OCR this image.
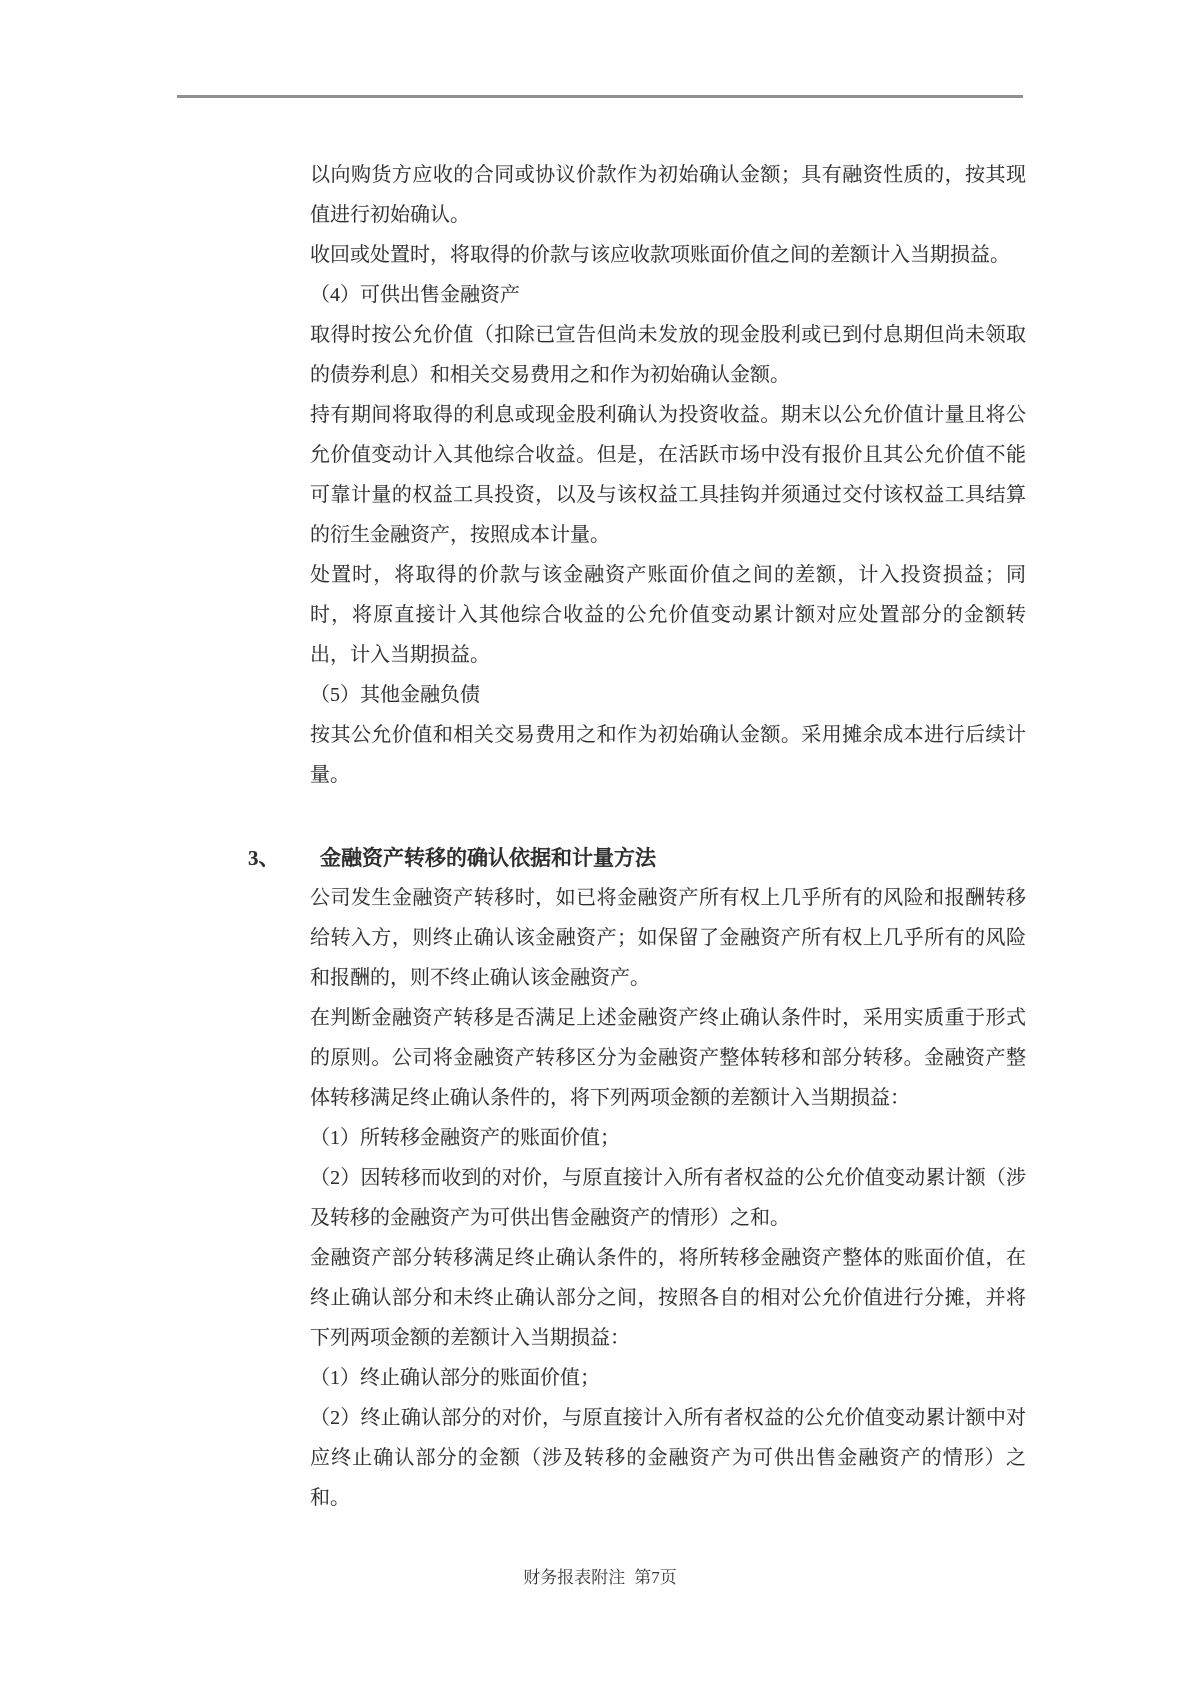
以向购货方应收的合同或协议价款作为初始确认金额；具有融资性质的，按其现值进行初始确认。

收回或处置时，将取得的价款与该应收款项账面价值之间的差额计入当期损益。

（4）可供出售金融资产

取得时按公允价值（扣除已宣告但尚未发放的现金股利或已到付息期但尚未领取的债券利息）和相关交易费用之和作为初始确认金额。

持有期间将取得的利息或现金股利确认为投资收益。期末以公允价值计量且将公允价值变动计入其他综合收益。但是，在活跃市场中没有报价且其公允价值不能可靠计量的权益工具投资，以及与该权益工具挂钩并须通过交付该权益工具结算的衍生金融资产，按照成本计量。

处置时，将取得的价款与该金融资产账面价值之间的差额，计入投资损益；同时，将原直接计入其他综合收益的公允价值变动累计额对应处置部分的金额转出，计入当期损益。

（5）其他金融负债

按其公允价值和相关交易费用之和作为初始确认金额。采用摊余成本进行后续计量。

3、 金融资产转移的确认依据和计量方法

公司发生金融资产转移时，如已将金融资产所有权上几乎所有的风险和报酬转移给转入方，则终止确认该金融资产；如保留了金融资产所有权上几乎所有的风险和报酬的，则不终止确认该金融资产。

在判断金融资产转移是否满足上述金融资产终止确认条件时，采用实质重于形式的原则。公司将金融资产转移区分为金融资产整体转移和部分转移。金融资产整体转移满足终止确认条件的，将下列两项金额的差额计入当期损益：

（1）所转移金融资产的账面价值；

（2）因转移而收到的对价，与原直接计入所有者权益的公允价值变动累计额（涉及转移的金融资产为可供出售金融资产的情形）之和。

金融资产部分转移满足终止确认条件的，将所转移金融资产整体的账面价值，在终止确认部分和未终止确认部分之间，按照各自的相对公允价值进行分摊，并将下列两项金额的差额计入当期损益：

（1）终止确认部分的账面价值；

（2）终止确认部分的对价，与原直接计入所有者权益的公允价值变动累计额中对应终止确认部分的金额（涉及转移的金融资产为可供出售金融资产的情形）之和。

财务报表附注 第7页
